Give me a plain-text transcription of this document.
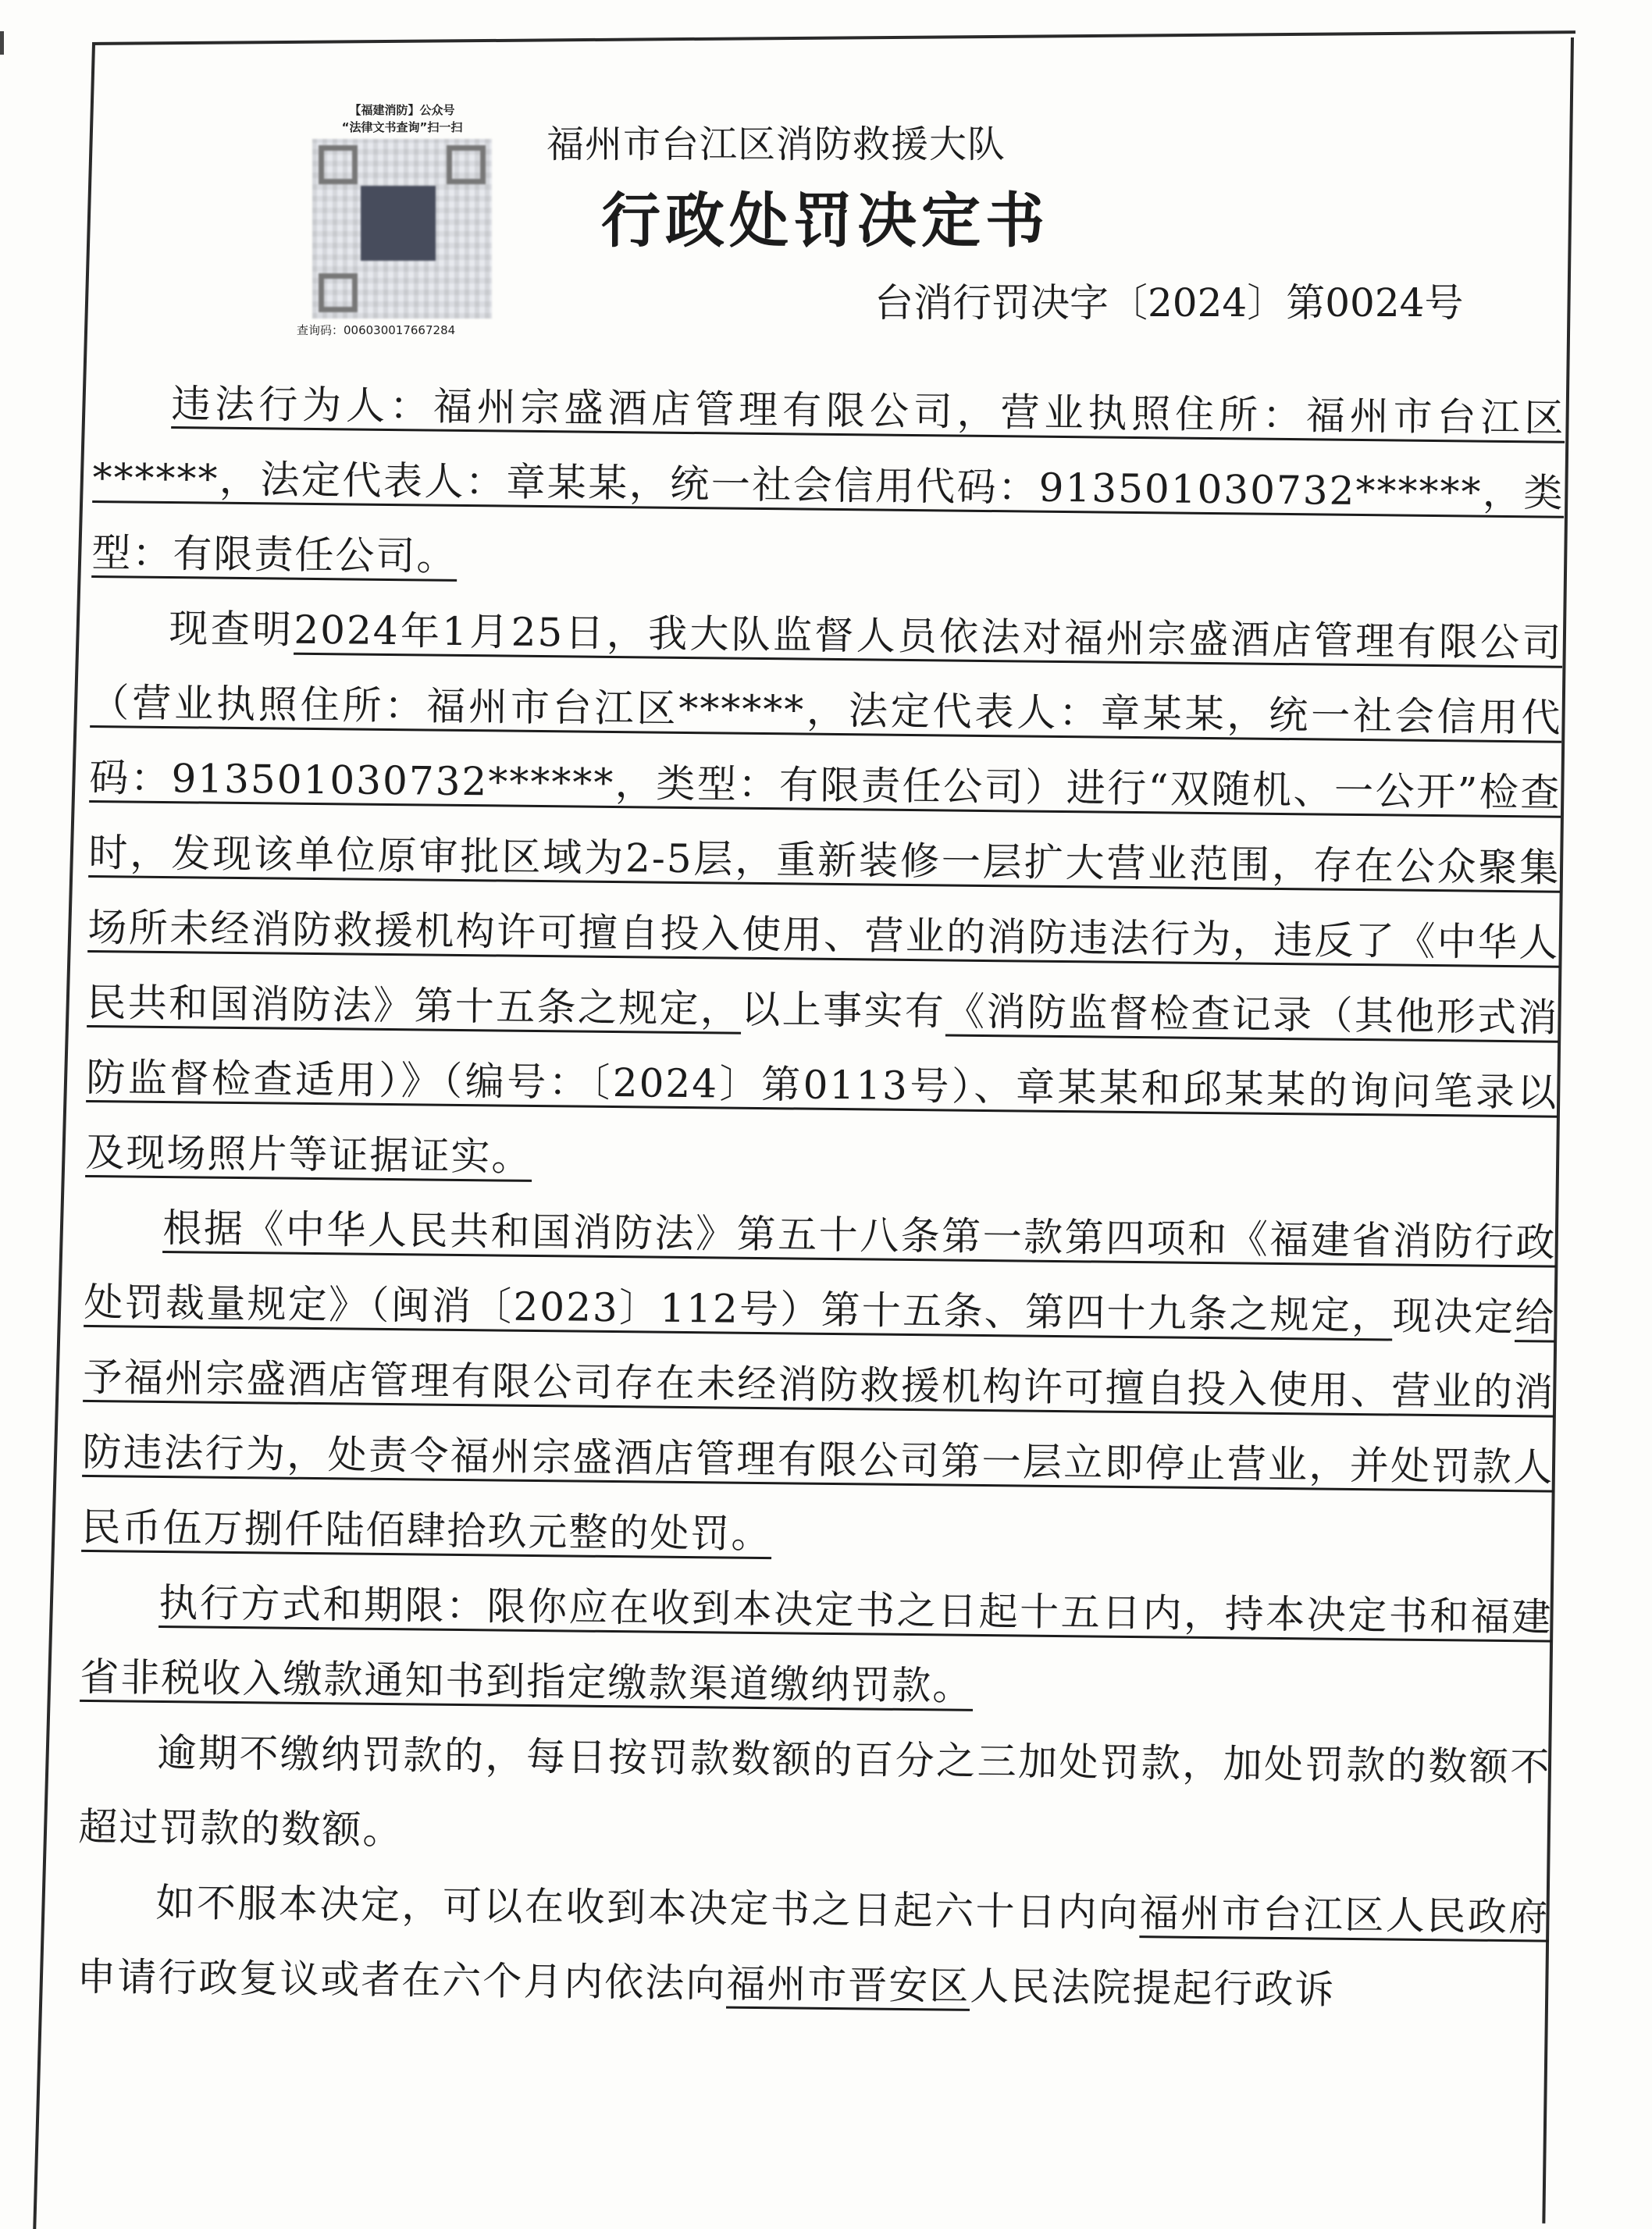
【福建消防】公众号
“法律文书查询”扫一扫
查询码：006030017667284
福州市台江区消防救援大队
行政处罚决定书
台消行罚决字〔2024〕第0024号

违法行为人：福州宗盛酒店管理有限公司，营业执照住所：福州市台江区******，法定代表人：章某某，统一社会信用代码：913501030732******，类型：有限责任公司。

现查明2024年1月25日，我大队监督人员依法对福州宗盛酒店管理有限公司（营业执照住所：福州市台江区******，法定代表人：章某某，统一社会信用代码：913501030732******，类型：有限责任公司）进行“双随机、一公开”检查时，发现该单位原审批区域为2-5层，重新装修一层扩大营业范围，存在公众聚集场所未经消防救援机构许可擅自投入使用、营业的消防违法行为，违反了《中华人民共和国消防法》第十五条之规定，以上事实有《消防监督检查记录（其他形式消防监督检查适用）》（编号：〔2024〕第0113号）、章某某和邱某某的询问笔录以及现场照片等证据证实。

根据《中华人民共和国消防法》第五十八条第一款第四项和《福建省消防行政处罚裁量规定》（闽消〔2023〕112号）第十五条、第四十九条之规定，现决定给予福州宗盛酒店管理有限公司存在未经消防救援机构许可擅自投入使用、营业的消防违法行为，处责令福州宗盛酒店管理有限公司第一层立即停止营业，并处罚款人民币伍万捌仟陆佰肆拾玖元整的处罚。

执行方式和期限：限你应在收到本决定书之日起十五日内，持本决定书和福建省非税收入缴款通知书到指定缴款渠道缴纳罚款。

逾期不缴纳罚款的，每日按罚款数额的百分之三加处罚款，加处罚款的数额不超过罚款的数额。

如不服本决定，可以在收到本决定书之日起六十日内向福州市台江区人民政府申请行政复议或者在六个月内依法向福州市晋安区人民法院提起行政诉
